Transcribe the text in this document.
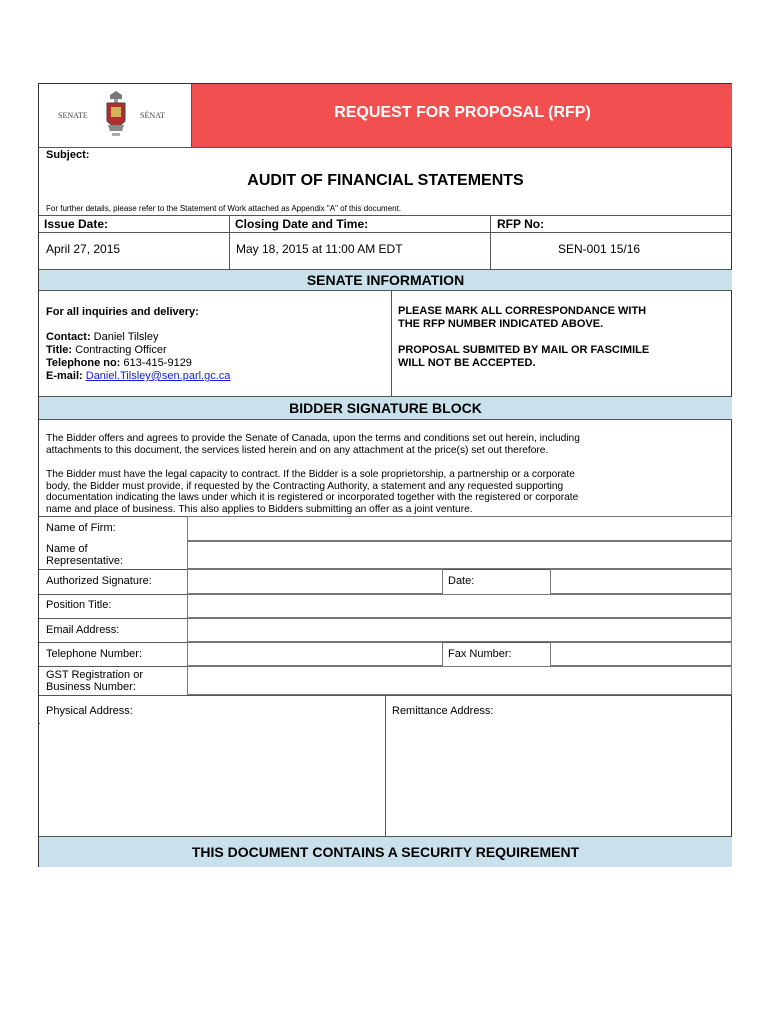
SENATE	SÉNAT	REQUEST FOR PROPOSAL (RFP)
Subject:
AUDIT OF FINANCIAL STATEMENTS
For further details, please refer to the Statement of Work attached as Appendix "A" of this document.
Issue Date:
April 27, 2015
Closing Date and Time:
May 18, 2015 at 11:00 AM EDT
RFP No:
SEN-001 15/16
SENATE INFORMATION
For all inquiries and delivery:
Contact: Daniel Tilsley
Title: Contracting Officer
Telephone no: 613-415-9129
E-mail: Daniel.Tilsley@sen.parl.gc.ca
PLEASE MARK ALL CORRESPONDANCE WITH
THE RFP NUMBER INDICATED ABOVE.
PROPOSAL SUBMITED BY MAIL OR FASCIMILE
WILL NOT BE ACCEPTED.
BIDDER SIGNATURE BLOCK
The Bidder offers and agrees to provide the Senate of Canada, upon the terms and conditions set out herein, including
attachments to this document, the services listed herein and on any attachment at the price(s) set out therefore.
The Bidder must have the legal capacity to contract. If the Bidder is a sole proprietorship, a partnership or a corporate
body, the Bidder must provide, if requested by the Contracting Authority, a statement and any requested supporting
documentation indicating the laws under which it is registered or incorporated together with the registered or corporate
name and place of business. This also applies to Bidders submitting an offer as a joint venture.
Name of Firm:
Name of
Representative:
Authorized Signature:	Date:
Position Title:
Email Address:
Telephone Number:	Fax Number:
GST Registration or
Business Number:
Physical Address:	Remittance Address:
THIS DOCUMENT CONTAINS A SECURITY REQUIREMENT
